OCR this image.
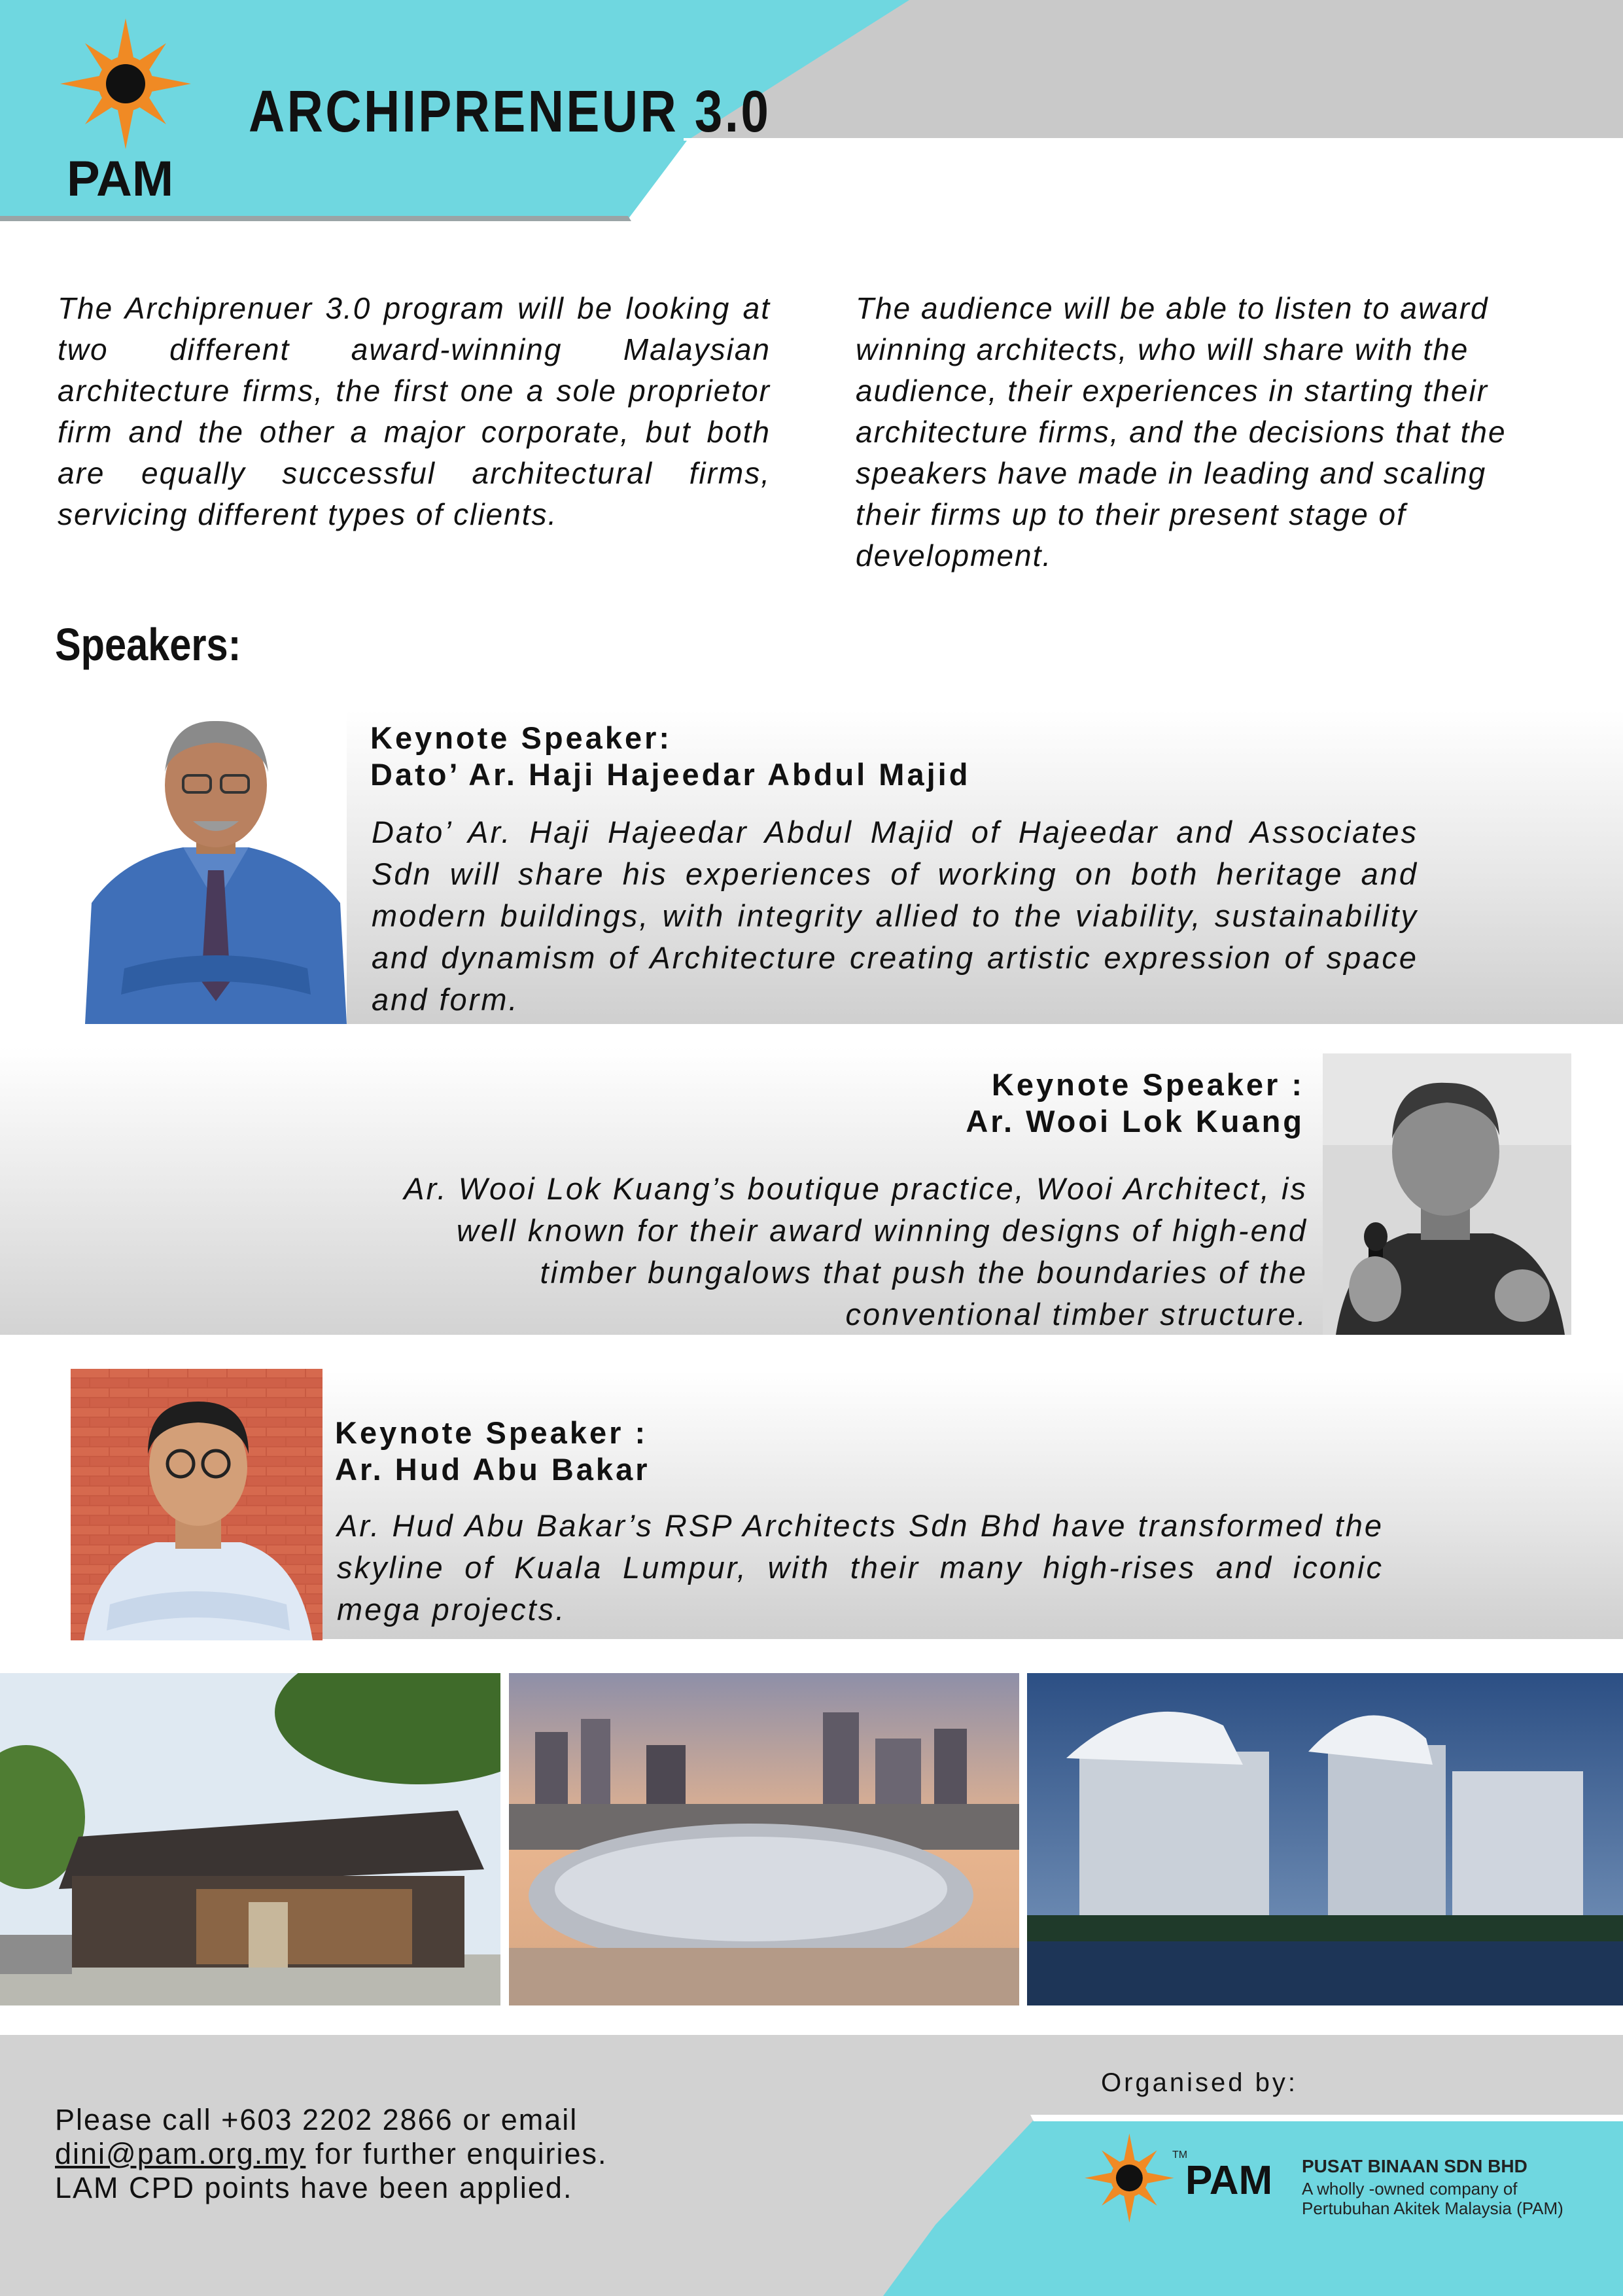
PAM
ARCHIPRENEUR 3.0
The Archiprenuer 3.0 program will be looking at two different award-winning Malaysian architecture firms, the first one a sole proprietor firm and the other a major corporate, but both are equally successful architectural firms, servicing different types of clients.
The audience will be able to listen to award
winning architects, who will share with the
audience, their experiences in starting their
architecture firms, and the decisions that the
speakers have made in leading and scaling
their firms up to their present stage of
development.
Speakers:
Keynote Speaker:
Dato’ Ar. Haji Hajeedar Abdul Majid
Dato’ Ar. Haji Hajeedar Abdul Majid of Hajeedar and Associates Sdn will share his experiences of working on both heritage and modern buildings, with integrity allied to the viability, sustainability and dynamism of Architecture creating artistic expression of space and form.
Keynote Speaker :
Ar. Wooi Lok Kuang
Ar. Wooi Lok Kuang’s boutique practice, Wooi Architect, is
well known for their award winning designs of high-end
timber bungalows that push the boundaries of the
conventional timber structure.
Keynote Speaker :
Ar. Hud Abu Bakar
Ar. Hud Abu Bakar’s RSP Architects Sdn Bhd have transformed the skyline of Kuala Lumpur, with their many high-rises and iconic mega projects.
Organised by:
Please call +603 2202 2866 or email
dini@pam.org.my for further enquiries.
LAM CPD points have been applied.
TM
PAM PUSAT BINAAN SDN BHD
A wholly -owned company of
Pertubuhan Akitek Malaysia (PAM)
